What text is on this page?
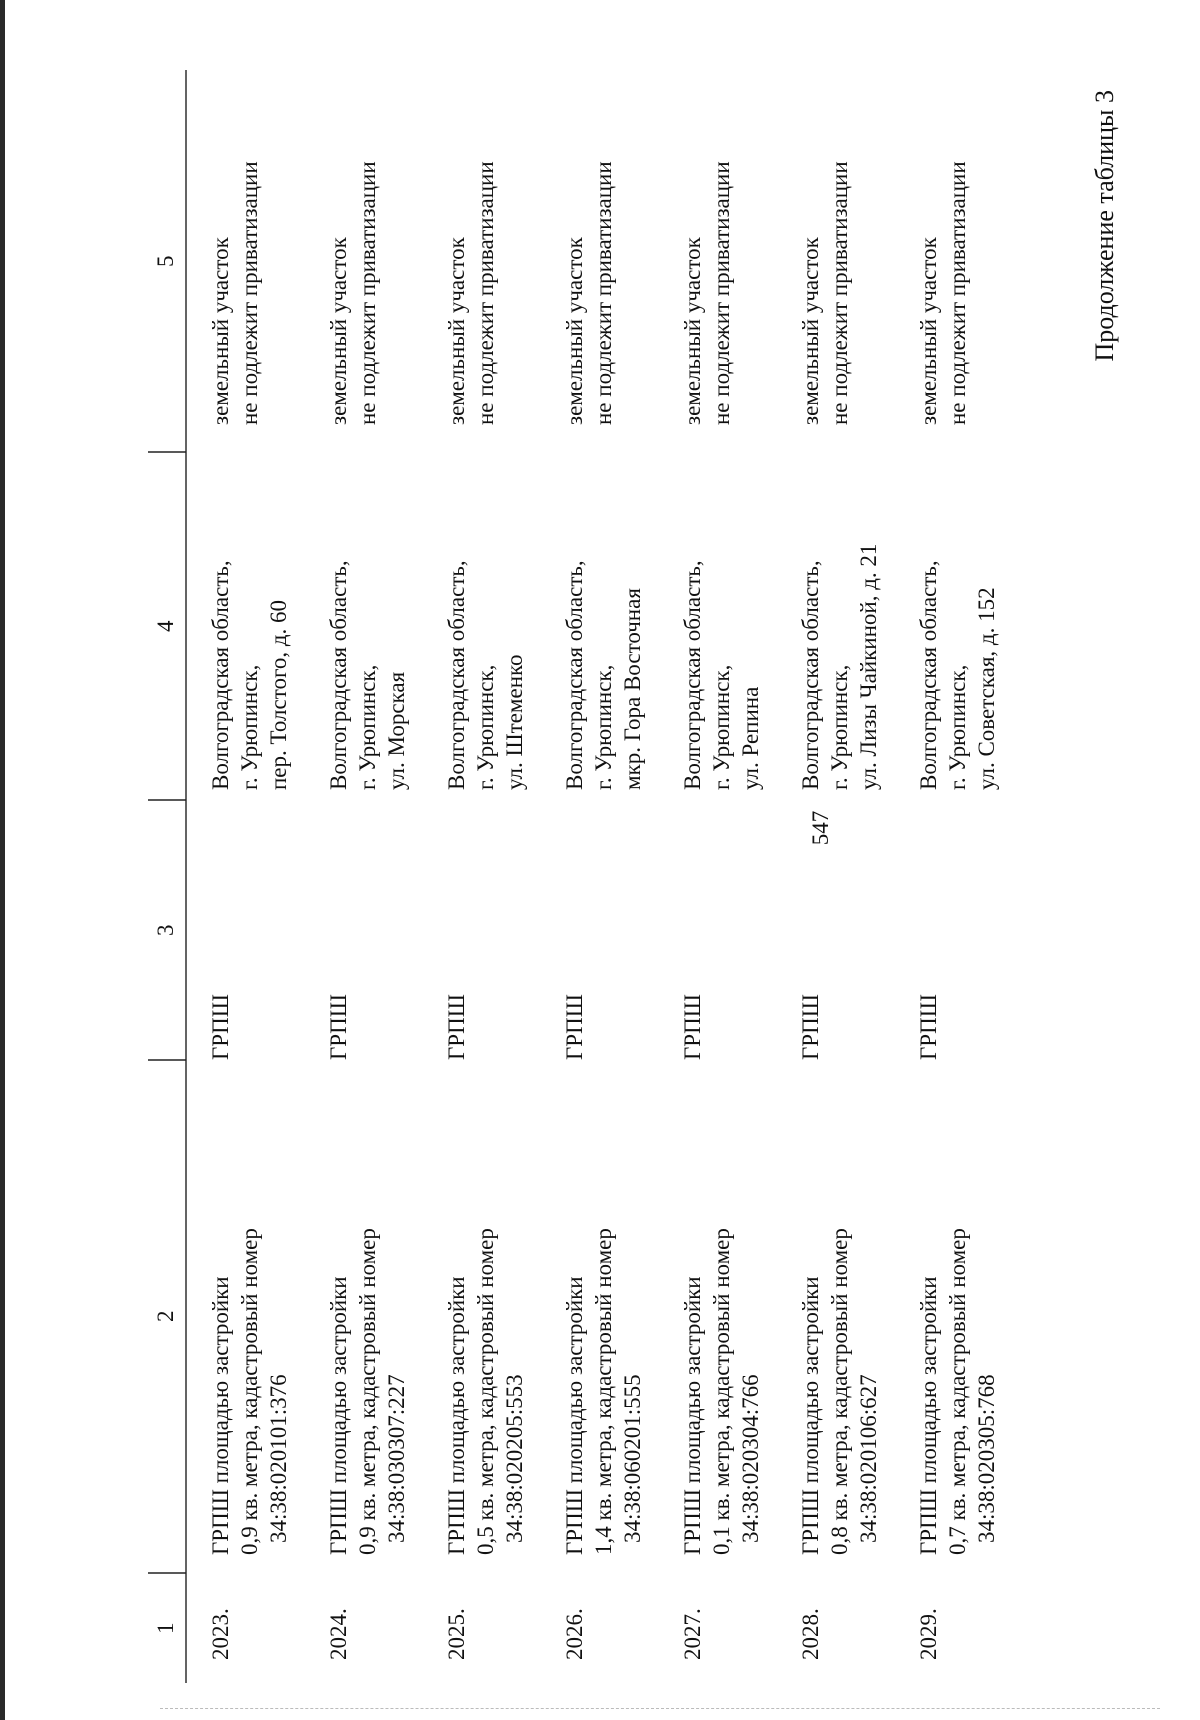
547
Продолжение таблицы 3
1
2
3
4
5
2023.
ГРПШ площадью застройки 0,9 кв. метра, кадастровый номер 34:38:020101:376
ГРПШ
Волгоградская область, г. Урюпинск, пер. Толстого, д. 60
земельный участок не подлежит приватизации
2024.
ГРПШ площадью застройки 0,9 кв. метра, кадастровый номер 34:38:030307:227
ГРПШ
Волгоградская область, г. Урюпинск, ул. Морская
земельный участок не подлежит приватизации
2025.
ГРПШ площадью застройки 0,5 кв. метра, кадастровый номер 34:38:020205:553
ГРПШ
Волгоградская область, г. Урюпинск, ул. Штеменко
земельный участок не подлежит приватизации
2026.
ГРПШ площадью застройки 1,4 кв. метра, кадастровый номер 34:38:060201:555
ГРПШ
Волгоградская область, г. Урюпинск, мкр. Гора Восточная
земельный участок не подлежит приватизации
2027.
ГРПШ площадью застройки 0,1 кв. метра, кадастровый номер 34:38:020304:766
ГРПШ
Волгоградская область, г. Урюпинск, ул. Репина
земельный участок не подлежит приватизации
2028.
ГРПШ площадью застройки 0,8 кв. метра, кадастровый номер 34:38:020106:627
ГРПШ
Волгоградская область, г. Урюпинск, ул. Лизы Чайкиной, д. 21
земельный участок не подлежит приватизации
2029.
ГРПШ площадью застройки 0,7 кв. метра, кадастровый номер 34:38:020305:768
ГРПШ
Волгоградская область, г. Урюпинск, ул. Советская, д. 152
земельный участок не подлежит приватизации
